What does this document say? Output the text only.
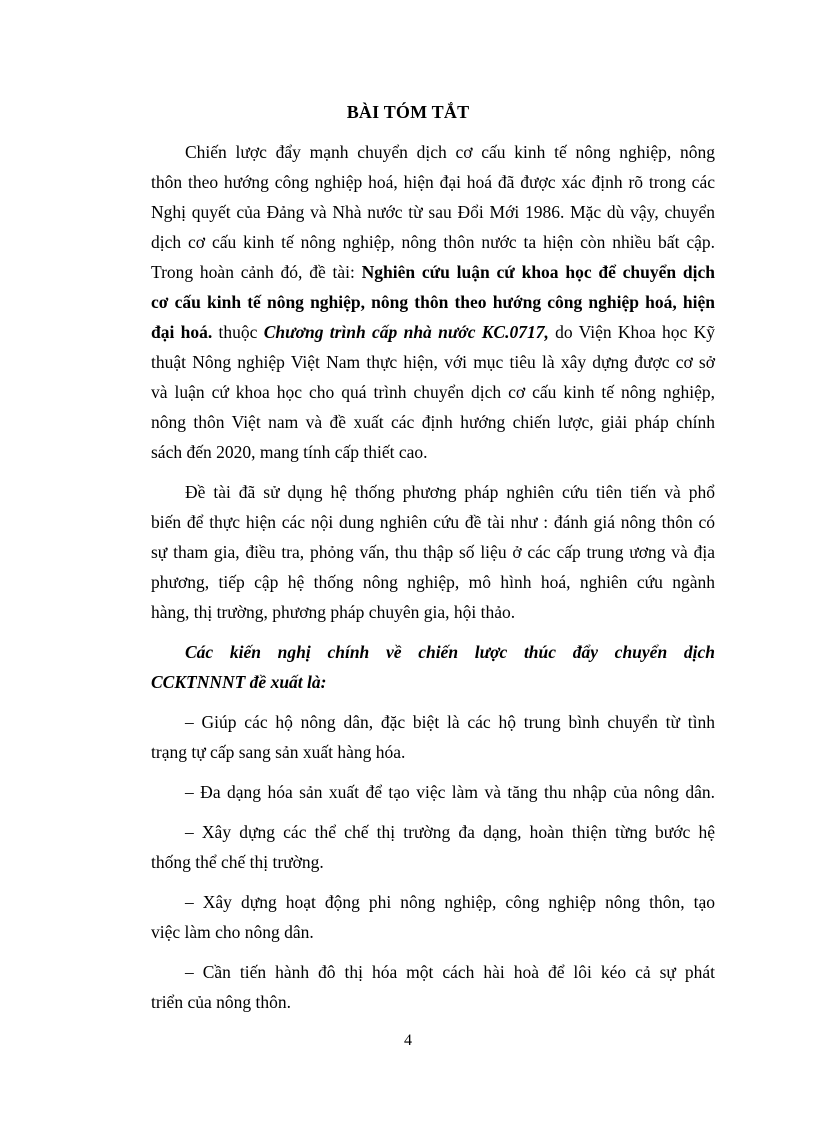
BÀI TÓM TẮT
Chiến lược đẩy mạnh chuyển dịch cơ cấu kinh tế nông nghiệp, nông
thôn theo hướng công nghiệp hoá, hiện đại hoá đã được xác định rõ trong các
Nghị quyết của Đảng và Nhà nước từ sau Đổi Mới 1986. Mặc dù vậy, chuyển
dịch cơ cấu kinh tế nông nghiệp, nông thôn nước ta hiện còn nhiều bất cập.
Trong hoàn cảnh đó, đề tài: Nghiên cứu luận cứ khoa học để chuyển dịch
cơ cấu kinh tế nông nghiệp, nông thôn theo hướng công nghiệp hoá, hiện
đại hoá. thuộc Chương trình cấp nhà nước KC.0717, do Viện Khoa học Kỹ
thuật Nông nghiệp Việt Nam thực hiện, với mục tiêu là xây dựng được cơ sở
và luận cứ khoa học cho quá trình chuyển dịch cơ cấu kinh tế nông nghiệp,
nông thôn Việt nam và đề xuất các định hướng chiến lược, giải pháp chính
sách đến 2020, mang tính cấp thiết cao.
Đề tài đã sử dụng hệ thống phương pháp nghiên cứu tiên tiến và phổ
biến để thực hiện các nội dung nghiên cứu đề tài như : đánh giá nông thôn có
sự tham gia, điều tra, phỏng vấn, thu thập số liệu ở các cấp trung ương và địa
phương, tiếp cập hệ thống nông nghiệp, mô hình hoá, nghiên cứu ngành
hàng, thị trường, phương pháp chuyên gia, hội thảo.
Các kiến nghị chính về chiến lược thúc đẩy chuyển dịch
CCKTNNNT đề xuất là:
– Giúp các hộ nông dân, đặc biệt là các hộ trung bình chuyển từ tình
trạng tự cấp sang sản xuất hàng hóa.
– Đa dạng hóa sản xuất để tạo việc làm và tăng thu nhập của nông dân.
– Xây dựng các thể chế thị trường đa dạng, hoàn thiện từng bước hệ
thống thể chế thị trường.
– Xây dựng hoạt động phi nông nghiệp, công nghiệp nông thôn, tạo
việc làm cho nông dân.
– Cần tiến hành đô thị hóa một cách hài hoà để lôi kéo cả sự phát
triển của nông thôn.
4
